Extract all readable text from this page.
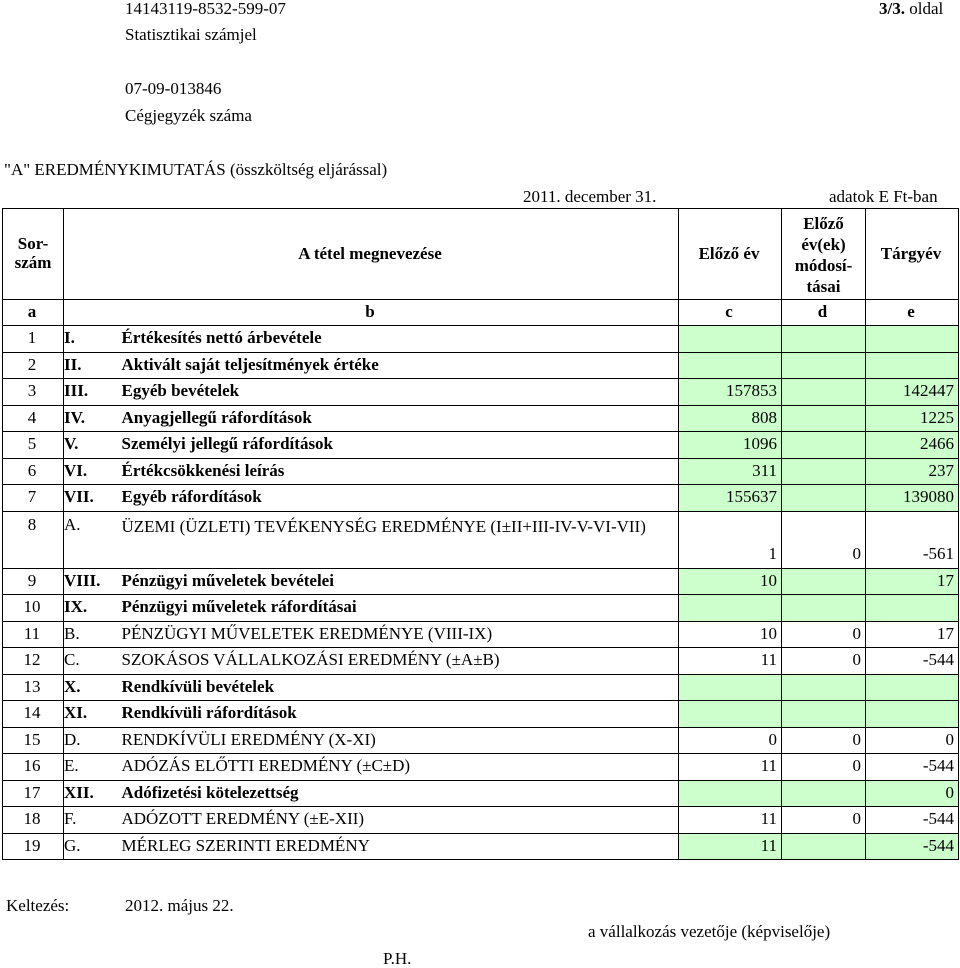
14143119-8532-599-07
Statisztikai számjel
3/3. oldal
07-09-013846
Cégjegyzék száma
"A" EREDMÉNYKIMUTATÁS (összköltség eljárással)
2011. december 31.	adatok E Ft-ban
Sor- szám	A tétel megnevezése		Előző év	Előző év(ek) módosí- tásai	Tárgyév
a	b		c	d	e
1	I.	Értékesítés nettó árbevétele			
2	II.	Aktivált saját teljesítmények értéke			
3	III.	Egyéb bevételek	157853		142447
4	IV.	Anyagjellegű ráfordítások	808		1225
5	V.	Személyi jellegű ráfordítások	1096		2466
6	VI.	Értékcsökkenési leírás	311		237
7	VII.	Egyéb ráfordítások	155637		139080
8	A.	ÜZEMI (ÜZLETI) TEVÉKENYSÉG EREDMÉNYE (I±II+III-IV-V-VI-VII)	1	0	-561
9	VIII.	Pénzügyi műveletek bevételei	10		17
10	IX.	Pénzügyi műveletek ráfordításai			
11	B.	PÉNZÜGYI MŰVELETEK EREDMÉNYE (VIII-IX)	10	0	17
12	C.	SZOKÁSOS VÁLLALKOZÁSI EREDMÉNY (±A±B)	11	0	-544
13	X.	Rendkívüli bevételek			
14	XI.	Rendkívüli ráfordítások			
15	D.	RENDKÍVÜLI EREDMÉNY (X-XI)	0	0	0
16	E.	ADÓZÁS ELŐTTI EREDMÉNY (±C±D)	11	0	-544
17	XII.	Adófizetési kötelezettség			0
18	F.	ADÓZOTT EREDMÉNY (±E-XII)	11	0	-544
19	G.	MÉRLEG SZERINTI EREDMÉNY	11		-544
Keltezés:	2012. május 22.
a vállalkozás vezetője (képviselője)
P.H.
